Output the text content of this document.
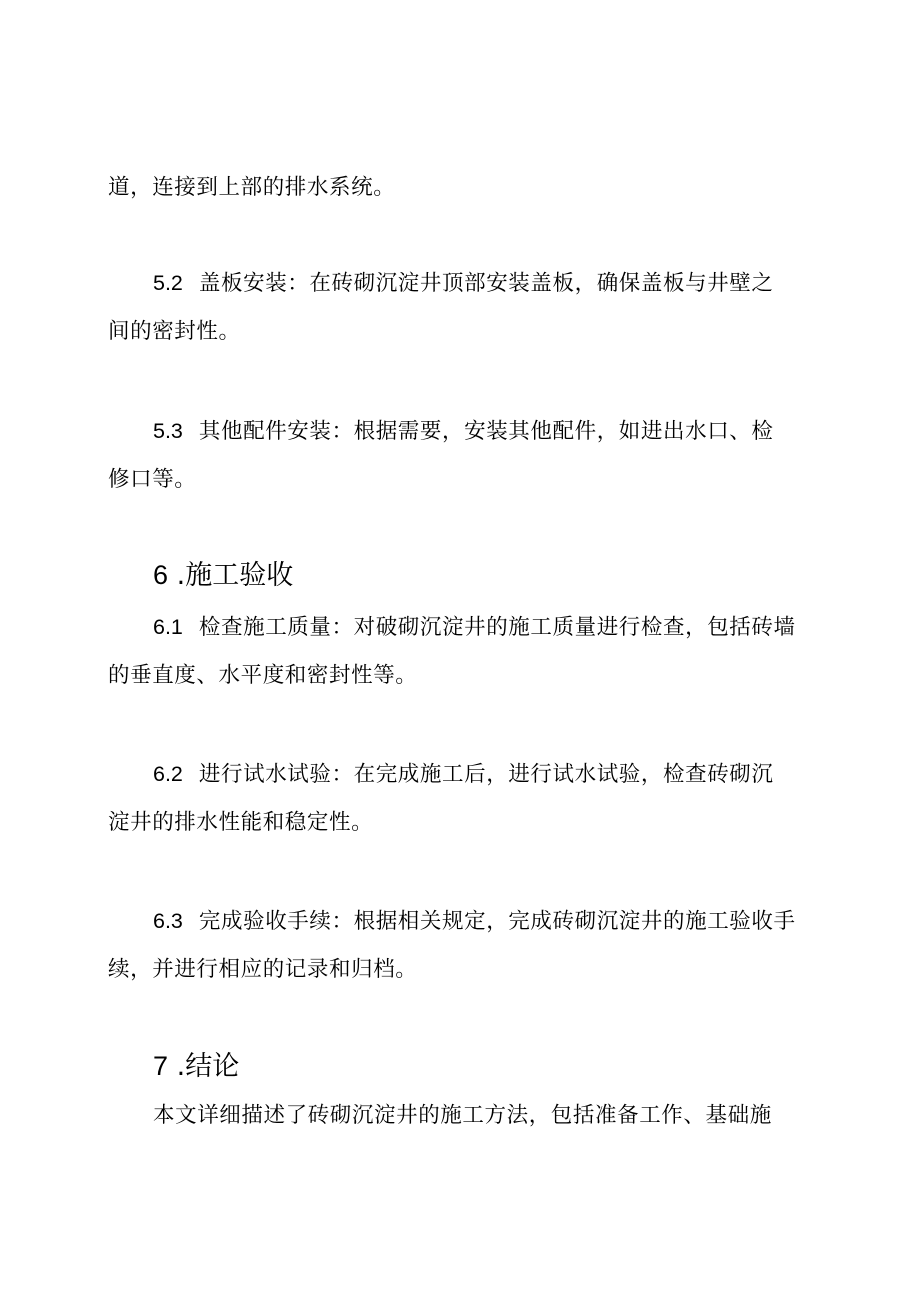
道，连接到上部的排水系统。

5.2 盖板安装：在砖砌沉淀井顶部安装盖板，确保盖板与井壁之

间的密封性。

5.3 其他配件安装：根据需要，安装其他配件，如进出水口、检

修口等。

6 .施工验收

6.1 检查施工质量：对破砌沉淀井的施工质量进行检查，包括砖墙

的垂直度、水平度和密封性等。

6.2 进行试水试验：在完成施工后，进行试水试验，检查砖砌沉

淀井的排水性能和稳定性。

6.3 完成验收手续：根据相关规定，完成砖砌沉淀井的施工验收手

续，并进行相应的记录和归档。

7 .结论

本文详细描述了砖砌沉淀井的施工方法，包括准备工作、基础施
